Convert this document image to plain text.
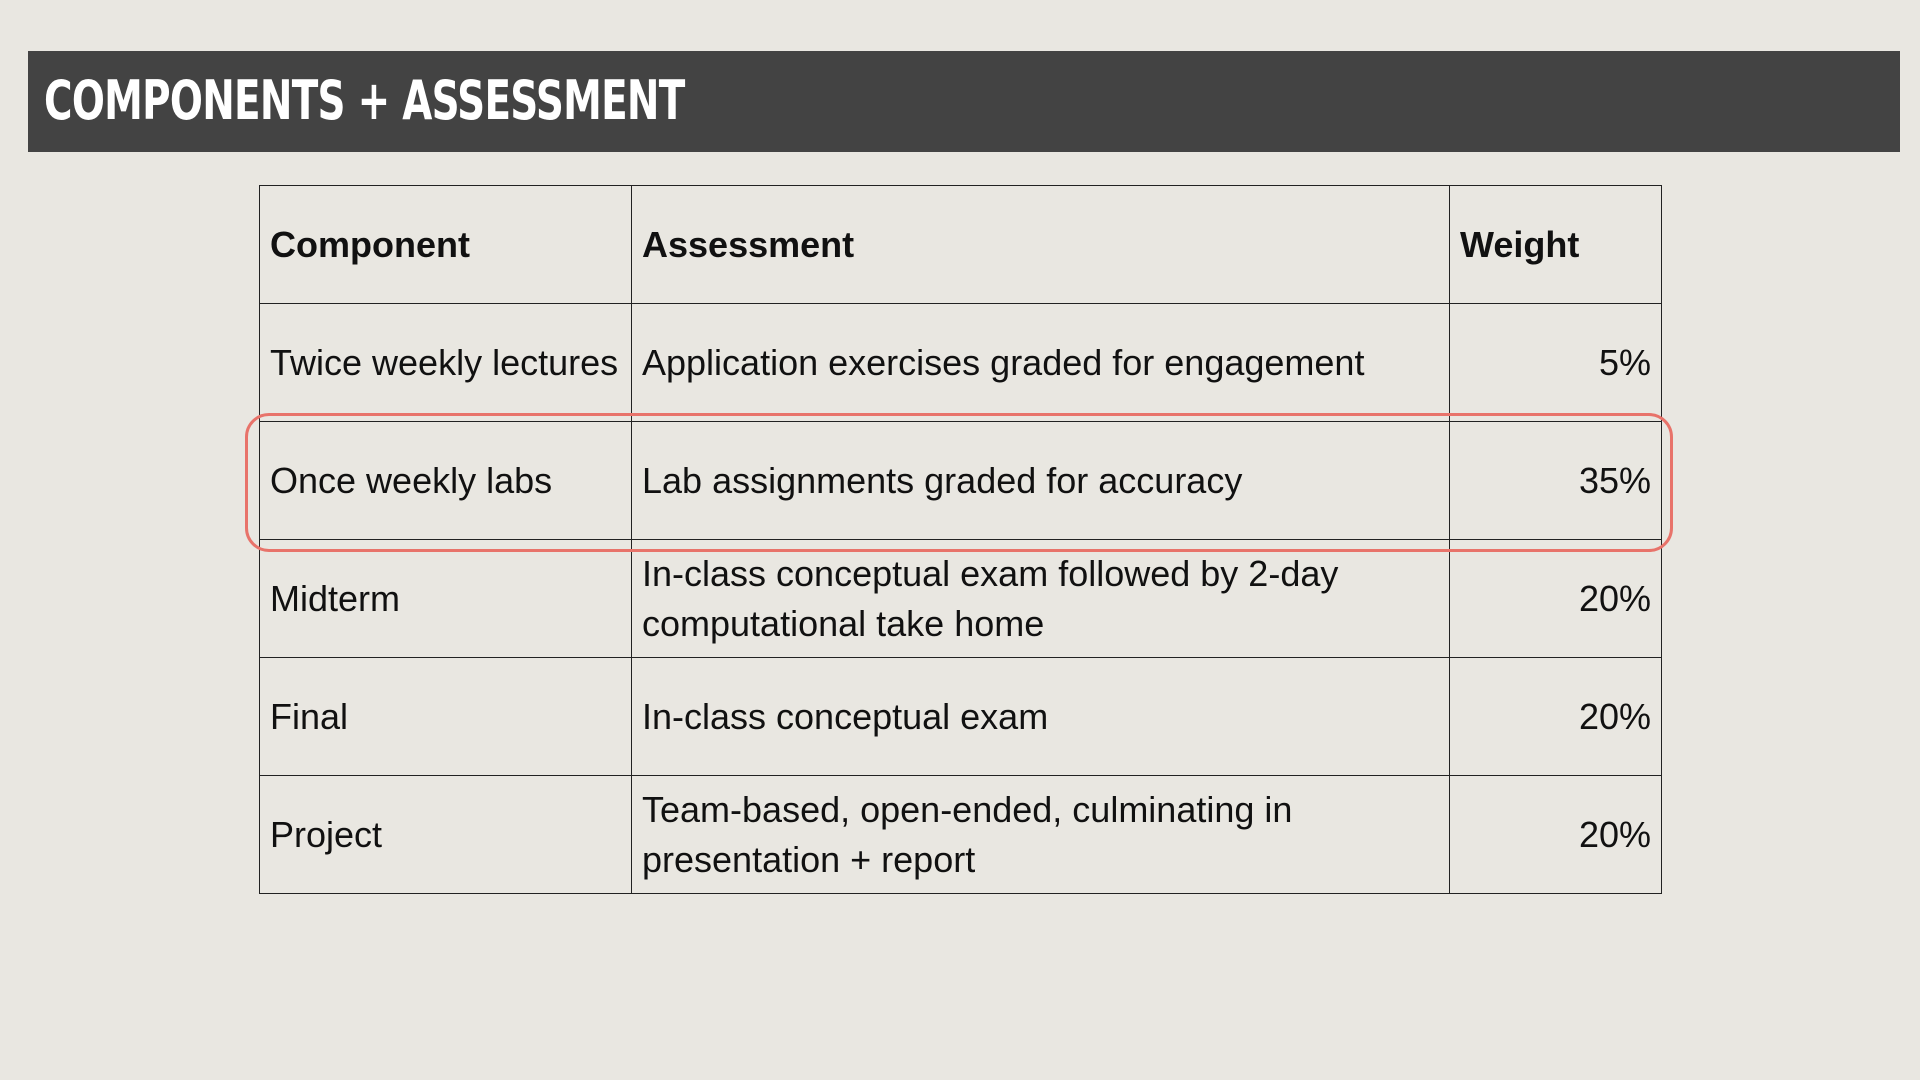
COMPONENTS + ASSESSMENT
Component	Assessment	Weight
Twice weekly lectures	Application exercises graded for engagement	5%
Once weekly labs	Lab assignments graded for accuracy	35%
Midterm	In-class conceptual exam followed by 2-day computational take home	20%
Final	In-class conceptual exam	20%
Project	Team-based, open-ended, culminating in presentation + report	20%
